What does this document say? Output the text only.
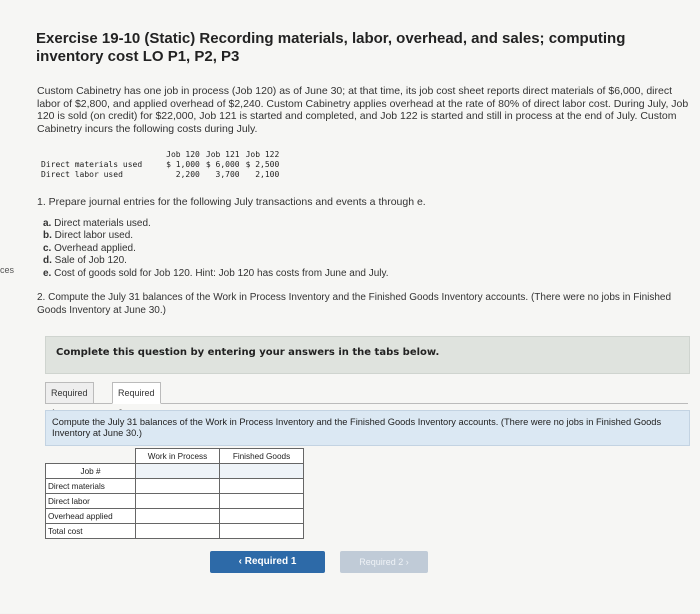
ces
Exercise 19-10 (Static) Recording materials, labor, overhead, and sales; computing inventory cost LO P1, P2, P3
Custom Cabinetry has one job in process (Job 120) as of June 30; at that time, its job cost sheet reports direct materials of $6,000, direct labor of $2,800, and applied overhead of $2,240. Custom Cabinetry applies overhead at the rate of 80% of direct labor cost. During July, Job 120 is sold (on credit) for $22,000, Job 121 is started and completed, and Job 122 is started and still in process at the end of July. Custom Cabinetry incurs the following costs during July.
	Job 120	Job 121	Job 122
Direct materials used	$ 1,000	$ 6,000	$ 2,500
Direct labor used	2,200	3,700	2,100
1. Prepare journal entries for the following July transactions and events a through e.
a. Direct materials used.
b. Direct labor used.
c. Overhead applied.
d. Sale of Job 120.
e. Cost of goods sold for Job 120. Hint: Job 120 has costs from June and July.
2. Compute the July 31 balances of the Work in Process Inventory and the Finished Goods Inventory accounts. (There were no jobs in Finished Goods Inventory at June 30.)
Complete this question by entering your answers in the tabs below.
Required	Required
Compute the July 31 balances of the Work in Process Inventory and the Finished Goods Inventory accounts. (There were no jobs in Finished Goods Inventory at June 30.)
	Work in Process	Finished Goods
Job #		
Direct materials		
Direct labor		
Overhead applied		
Total cost		
‹ Required 1	Required 2 ›
